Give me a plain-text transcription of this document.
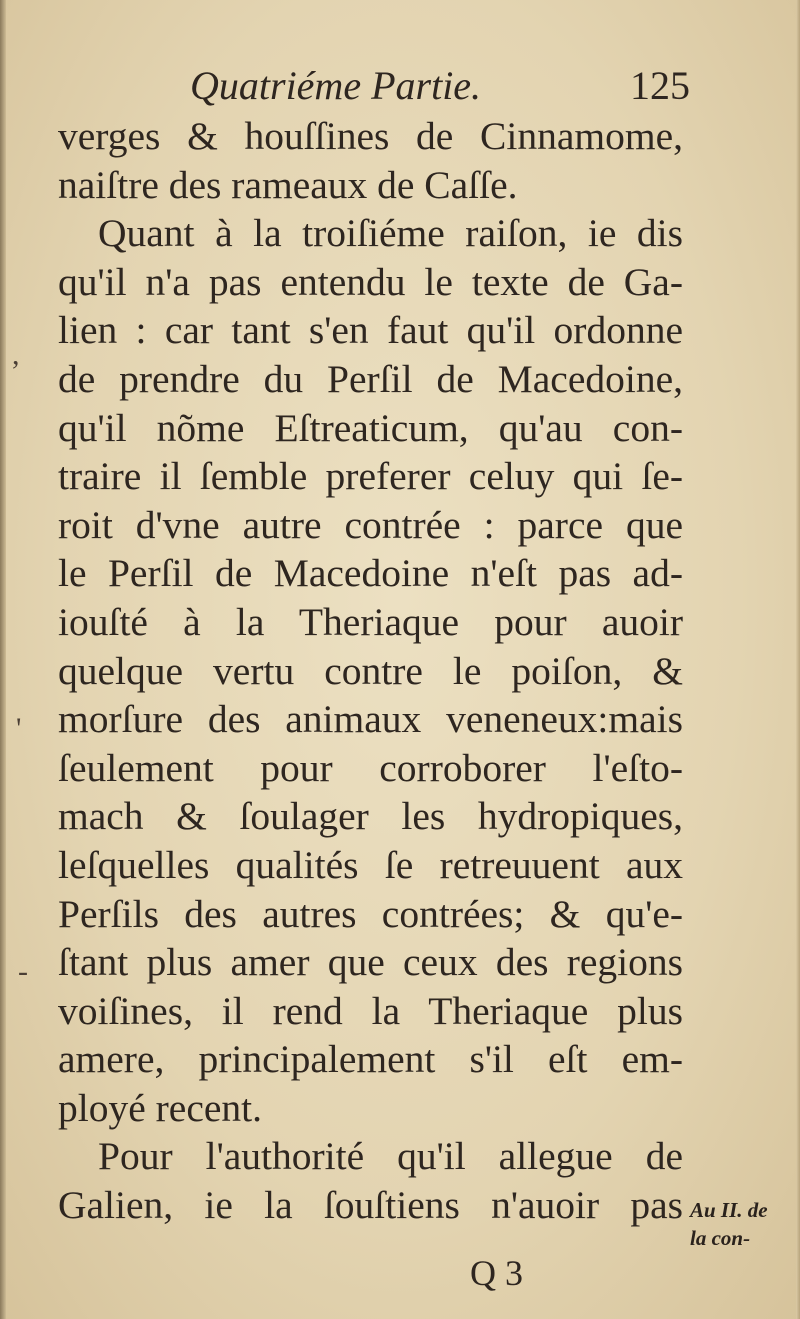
Quatriéme Partie.	125

verges & houſſines de Cinnamome,
naiſtre des rameaux de Caſſe.

Quant à la troiſiéme raiſon, ie dis
qu'il n'a pas entendu le texte de Ga-
lien : car tant s'en faut qu'il ordonne
de prendre du Perſil de Macedoine,
qu'il nõme Eſtreaticum, qu'au con-
traire il ſemble preferer celuy qui ſe-
roit d'vne autre contrée : parce que
le Perſil de Macedoine n'eſt pas ad-
iouſté à la Theriaque pour auoir
quelque vertu contre le poiſon, &
morſure des animaux veneneux:mais
ſeulement pour corroborer l'eſto-
mach & ſoulager les hydropiques,
leſquelles qualités ſe retreuuent aux
Perſils des autres contrées; & qu'e-
ſtant plus amer que ceux des regions
voiſines, il rend la Theriaque plus
amere, principalement s'il eſt em-
ployé recent.

Pour l'authorité qu'il allegue de
Galien, ie la ſouſtiens n'auoir pas Au II. de
la con-
Q 3
,
'
-
